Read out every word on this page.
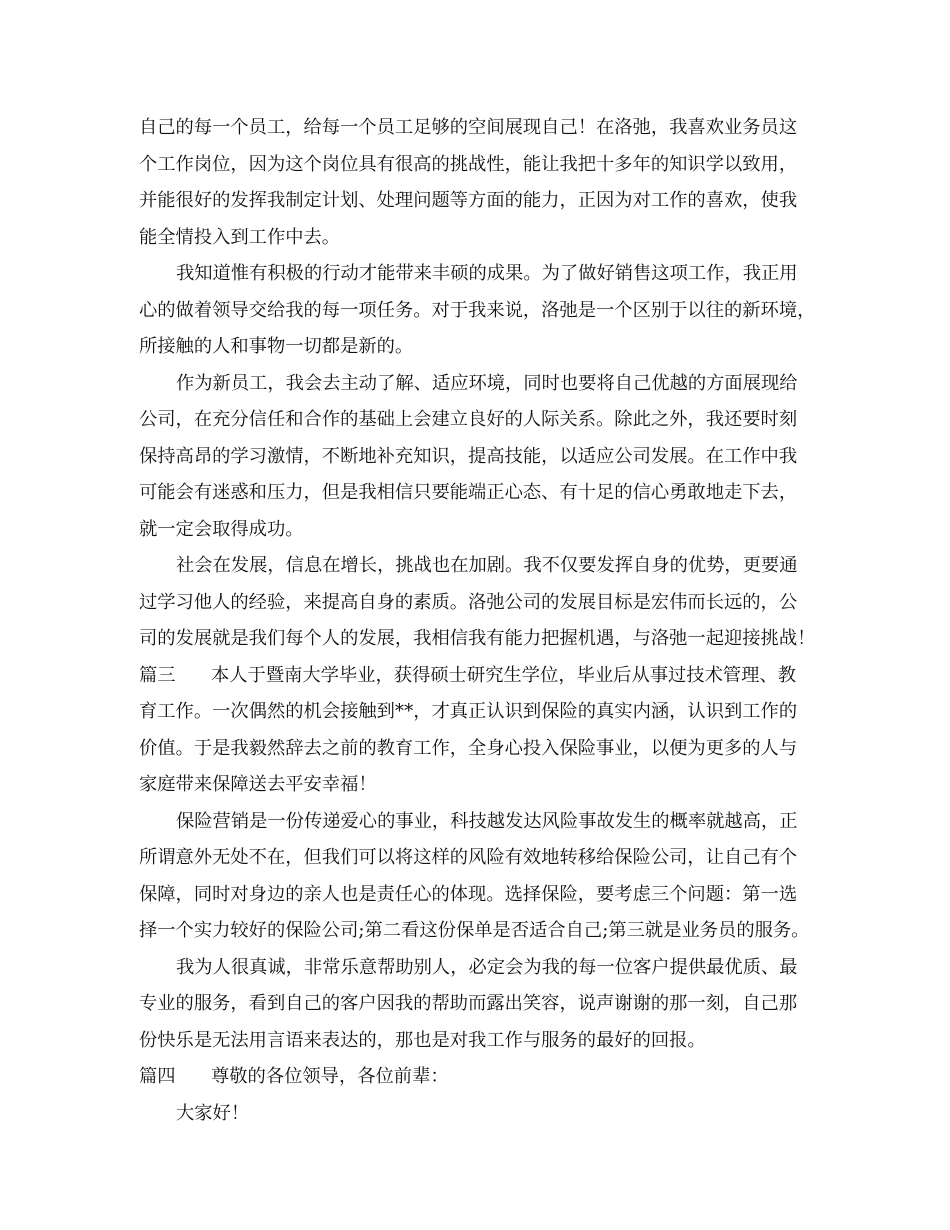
自己的每一个员工，给每一个员工足够的空间展现自己！在洛弛，我喜欢业务员这
个工作岗位，因为这个岗位具有很高的挑战性，能让我把十多年的知识学以致用，
并能很好的发挥我制定计划、处理问题等方面的能力，正因为对工作的喜欢，使我
能全情投入到工作中去。
我知道惟有积极的行动才能带来丰硕的成果。为了做好销售这项工作，我正用
心的做着领导交给我的每一项任务。对于我来说，洛弛是一个区别于以往的新环境，
所接触的人和事物一切都是新的。
作为新员工，我会去主动了解、适应环境，同时也要将自己优越的方面展现给
公司，在充分信任和合作的基础上会建立良好的人际关系。除此之外，我还要时刻
保持高昂的学习激情，不断地补充知识，提高技能，以适应公司发展。在工作中我
可能会有迷惑和压力，但是我相信只要能端正心态、有十足的信心勇敢地走下去，
就一定会取得成功。
社会在发展，信息在增长，挑战也在加剧。我不仅要发挥自身的优势，更要通
过学习他人的经验，来提高自身的素质。洛弛公司的发展目标是宏伟而长远的，公
司的发展就是我们每个人的发展，我相信我有能力把握机遇，与洛弛一起迎接挑战！
篇三 本人于暨南大学毕业，获得硕士研究生学位，毕业后从事过技术管理、教
育工作。一次偶然的机会接触到**，才真正认识到保险的真实内涵，认识到工作的
价值。于是我毅然辞去之前的教育工作，全身心投入保险事业，以便为更多的人与
家庭带来保障送去平安幸福！
保险营销是一份传递爱心的事业，科技越发达风险事故发生的概率就越高，正
所谓意外无处不在，但我们可以将这样的风险有效地转移给保险公司，让自己有个
保障，同时对身边的亲人也是责任心的体现。选择保险，要考虑三个问题：第一选
择一个实力较好的保险公司;第二看这份保单是否适合自己;第三就是业务员的服务。
我为人很真诚，非常乐意帮助别人，必定会为我的每一位客户提供最优质、最
专业的服务，看到自己的客户因我的帮助而露出笑容，说声谢谢的那一刻，自己那
份快乐是无法用言语来表达的，那也是对我工作与服务的最好的回报。
篇四 尊敬的各位领导，各位前辈：
大家好！
